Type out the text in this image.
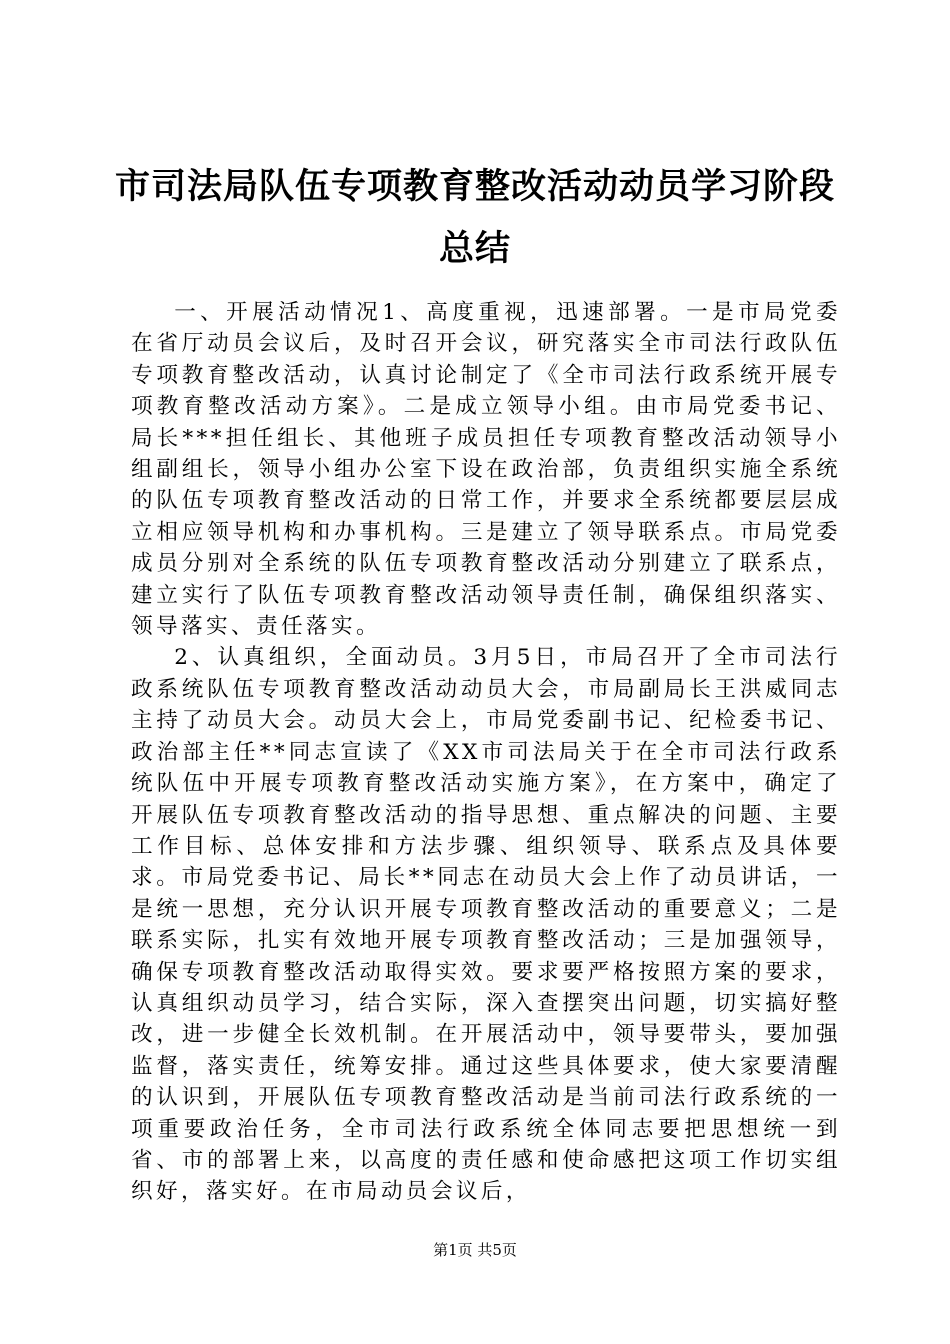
市司法局队伍专项教育整改活动动员学习阶段总结

一、开展活动情况1、高度重视，迅速部署。一是市局党委在省厅动员会议后，及时召开会议，研究落实全市司法行政队伍专项教育整改活动，认真讨论制定了《全市司法行政系统开展专项教育整改活动方案》。二是成立领导小组。由市局党委书记、局长***担任组长、其他班子成员担任专项教育整改活动领导小组副组长，领导小组办公室下设在政治部，负责组织实施全系统的队伍专项教育整改活动的日常工作，并要求全系统都要层层成立相应领导机构和办事机构。三是建立了领导联系点。市局党委成员分别对全系统的队伍专项教育整改活动分别建立了联系点，建立实行了队伍专项教育整改活动领导责任制，确保组织落实、领导落实、责任落实。

2、认真组织，全面动员。3月5日，市局召开了全市司法行政系统队伍专项教育整改活动动员大会，市局副局长王洪威同志主持了动员大会。动员大会上，市局党委副书记、纪检委书记、政治部主任**同志宣读了《XX市司法局关于在全市司法行政系统队伍中开展专项教育整改活动实施方案》，在方案中，确定了开展队伍专项教育整改活动的指导思想、重点解决的问题、主要工作目标、总体安排和方法步骤、组织领导、联系点及具体要求。市局党委书记、局长**同志在动员大会上作了动员讲话，一是统一思想，充分认识开展专项教育整改活动的重要意义；二是联系实际，扎实有效地开展专项教育整改活动；三是加强领导，确保专项教育整改活动取得实效。要求要严格按照方案的要求，认真组织动员学习，结合实际，深入查摆突出问题，切实搞好整改，进一步健全长效机制。在开展活动中，领导要带头，要加强监督，落实责任，统筹安排。通过这些具体要求，使大家要清醒的认识到，开展队伍专项教育整改活动是当前司法行政系统的一项重要政治任务，全市司法行政系统全体同志要把思想统一到省、市的部署上来，以高度的责任感和使命感把这项工作切实组织好，落实好。在市局动员会议后，

第1页 共5页
